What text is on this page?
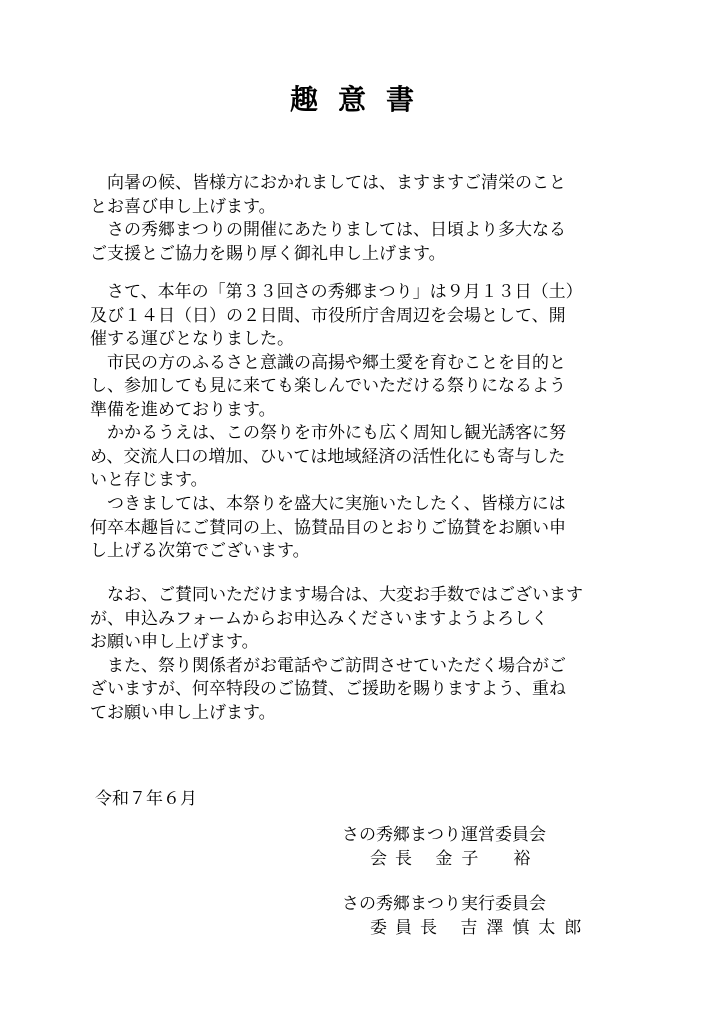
趣意書
　向暑の候、皆様方におかれましては、ますますご清栄のこと
とお喜び申し上げます。
　さの秀郷まつりの開催にあたりましては、日頃より多大なる
ご支援とご協力を賜り厚く御礼申し上げます。
　さて、本年の「第３３回さの秀郷まつり」は９月１３日（土）
及び１４日（日）の２日間、市役所庁舎周辺を会場として、開
催する運びとなりました。
　市民の方のふるさと意識の高揚や郷土愛を育むことを目的と
し、参加しても見に来ても楽しんでいただける祭りになるよう
準備を進めております。
　かかるうえは、この祭りを市外にも広く周知し観光誘客に努
め、交流人口の増加、ひいては地域経済の活性化にも寄与した
いと存じます。
　つきましては、本祭りを盛大に実施いたしたく、皆様方には
何卒本趣旨にご賛同の上、協賛品目のとおりご協賛をお願い申
し上げる次第でございます。
　なお、ご賛同いただけます場合は、大変お手数ではございます
が、申込みフォームからお申込みくださいますようよろしく
お願い申し上げます。
　また、祭り関係者がお電話やご訪問させていただく場合がご
ざいますが、何卒特段のご協賛、ご援助を賜りますよう、重ね
てお願い申し上げます。
令和７年６月
さの秀郷まつり運営委員会
会長 金子　裕
さの秀郷まつり実行委員会
委員長 吉澤慎太郎
